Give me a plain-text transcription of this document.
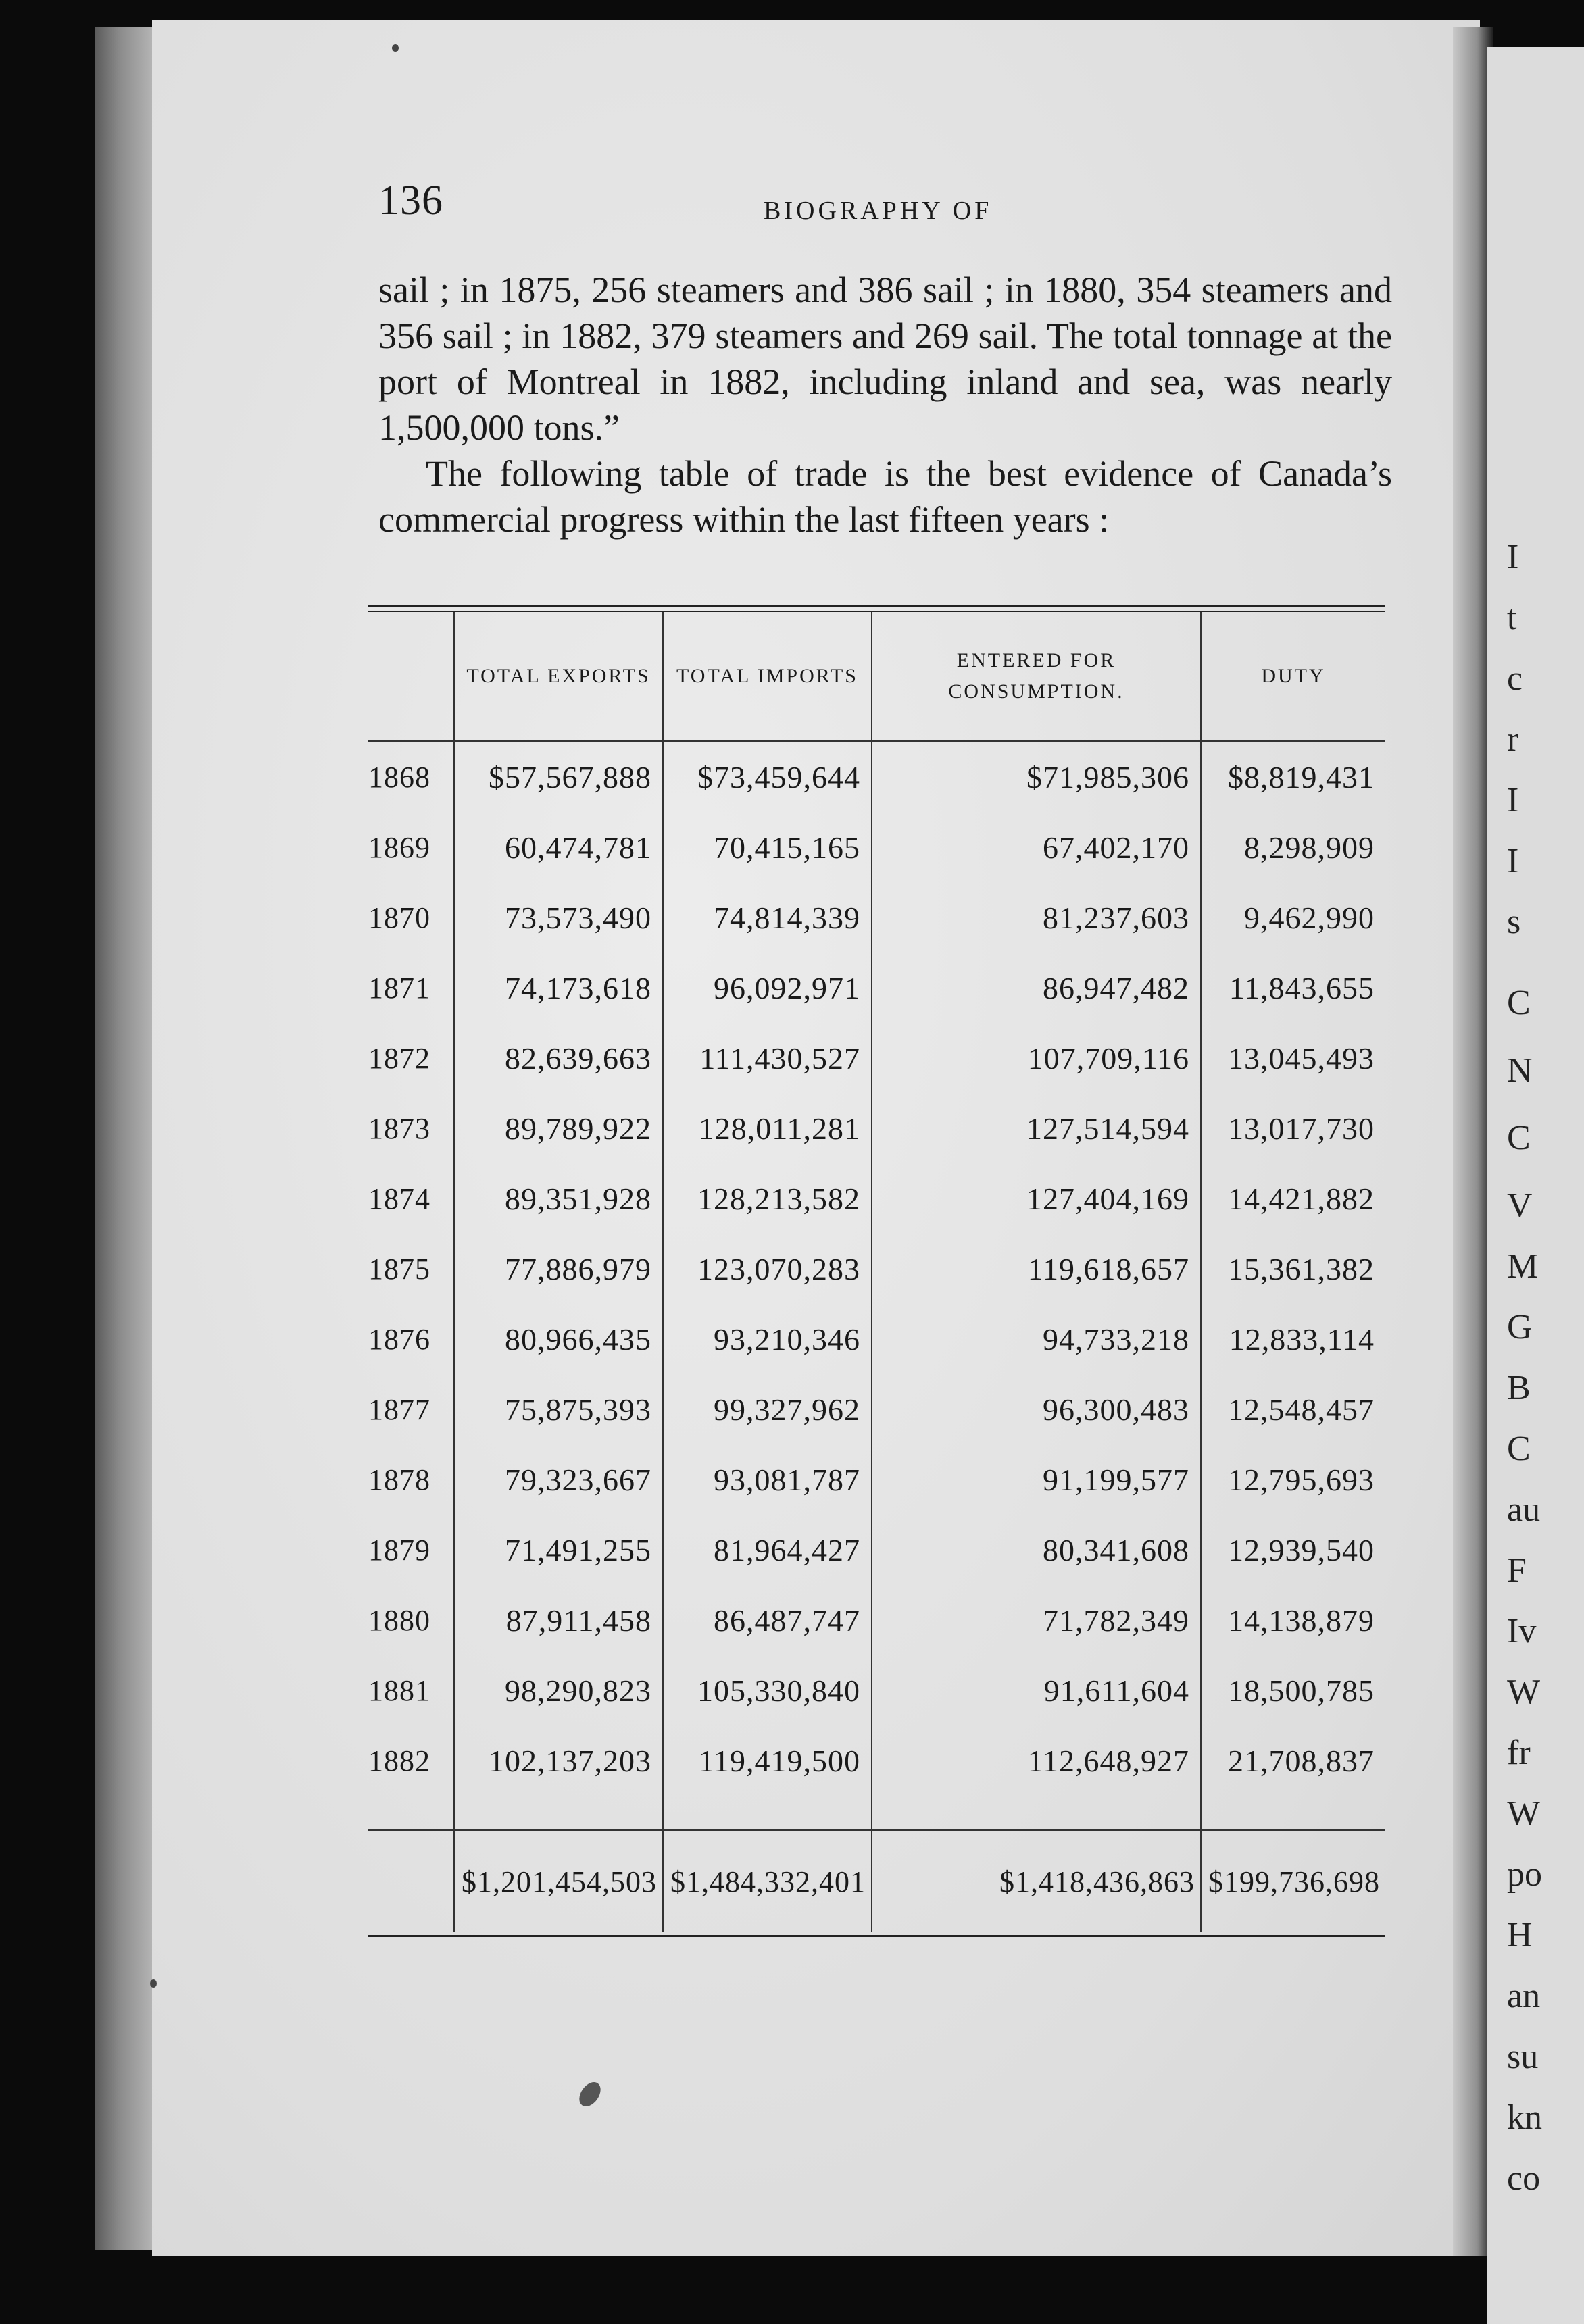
I
t
c
r
I
I
s
C
N
C
V
M
G
B
C
au
F
Iv
W
fr
W
po
H
an
su
kn
co
136	BIOGRAPHY OF

sail ; in 1875, 256 steamers and 386 sail ; in 1880, 354 steamers and 356 sail ; in 1882, 379 steamers and 269 sail. The total tonnage at the port of Montreal in 1882, including inland and sea, was nearly 1,500,000 tons.”

The following table of trade is the best evidence of Canada’s commercial progress within the last fifteen years :

	TOTAL EXPORTS	TOTAL IMPORTS	ENTERED FOR CONSUMPTION.	DUTY
1868	$57,567,888	$73,459,644	$71,985,306	$8,819,431
1869	60,474,781	70,415,165	67,402,170	8,298,909
1870	73,573,490	74,814,339	81,237,603	9,462,990
1871	74,173,618	96,092,971	86,947,482	11,843,655
1872	82,639,663	111,430,527	107,709,116	13,045,493
1873	89,789,922	128,011,281	127,514,594	13,017,730
1874	89,351,928	128,213,582	127,404,169	14,421,882
1875	77,886,979	123,070,283	119,618,657	15,361,382
1876	80,966,435	93,210,346	94,733,218	12,833,114
1877	75,875,393	99,327,962	96,300,483	12,548,457
1878	79,323,667	93,081,787	91,199,577	12,795,693
1879	71,491,255	81,964,427	80,341,608	12,939,540
1880	87,911,458	86,487,747	71,782,349	14,138,879
1881	98,290,823	105,330,840	91,611,604	18,500,785
1882	102,137,203	119,419,500	112,648,927	21,708,837

	$1,201,454,503	$1,484,332,401	$1,418,436,863	$199,736,698
